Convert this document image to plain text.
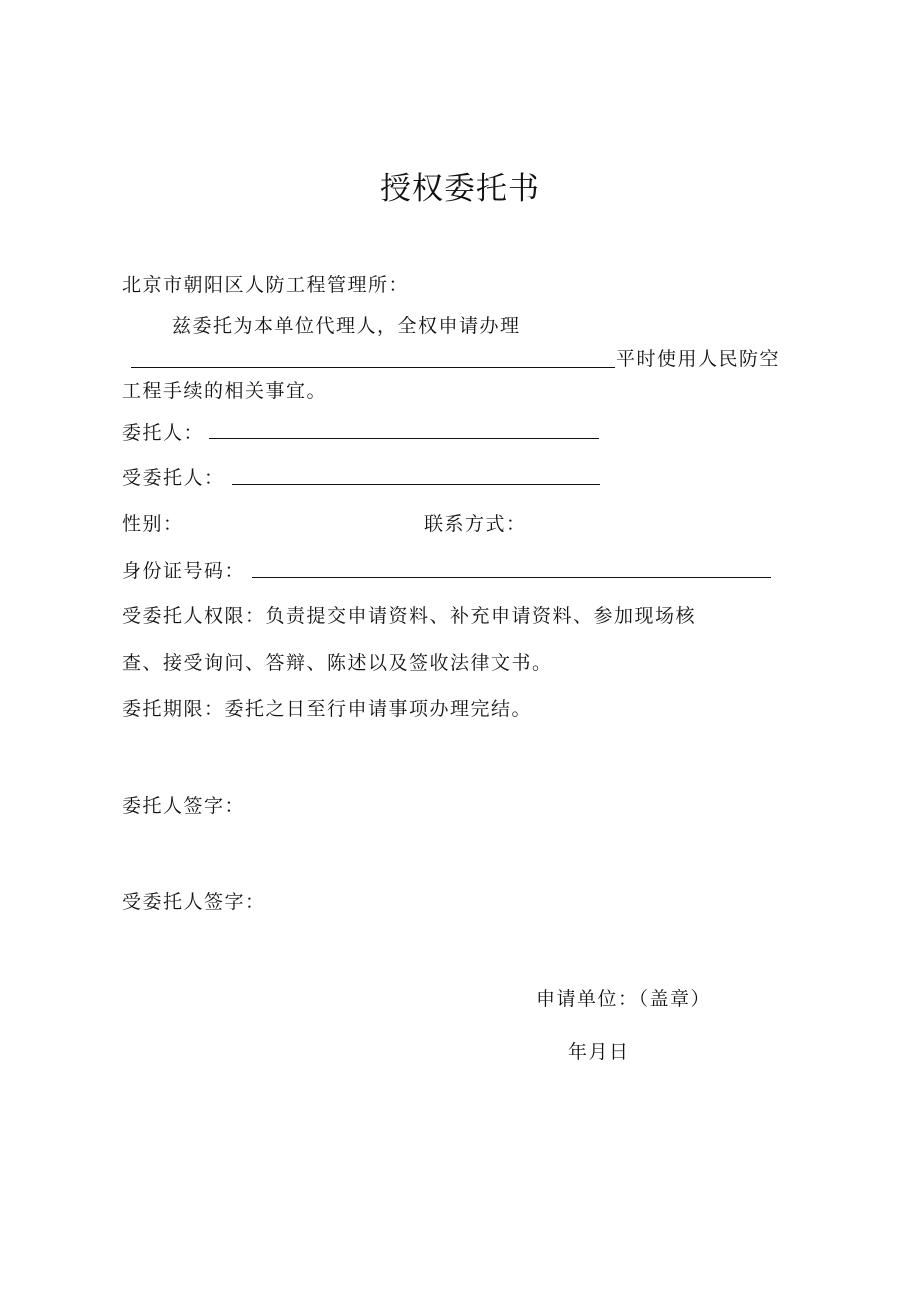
授权委托书
北京市朝阳区人防工程管理所：
兹委托为本单位代理人，全权申请办理
平时使用人民防空
工程手续的相关事宜。
委托人：
受委托人：
性别：	联系方式：
身份证号码：
受委托人权限：负责提交申请资料、补充申请资料、参加现场核
查、接受询问、答辩、陈述以及签收法律文书。
委托期限：委托之日至行申请事项办理完结。
委托人签字：
受委托人签字：
申请单位：（盖章）
年月日
